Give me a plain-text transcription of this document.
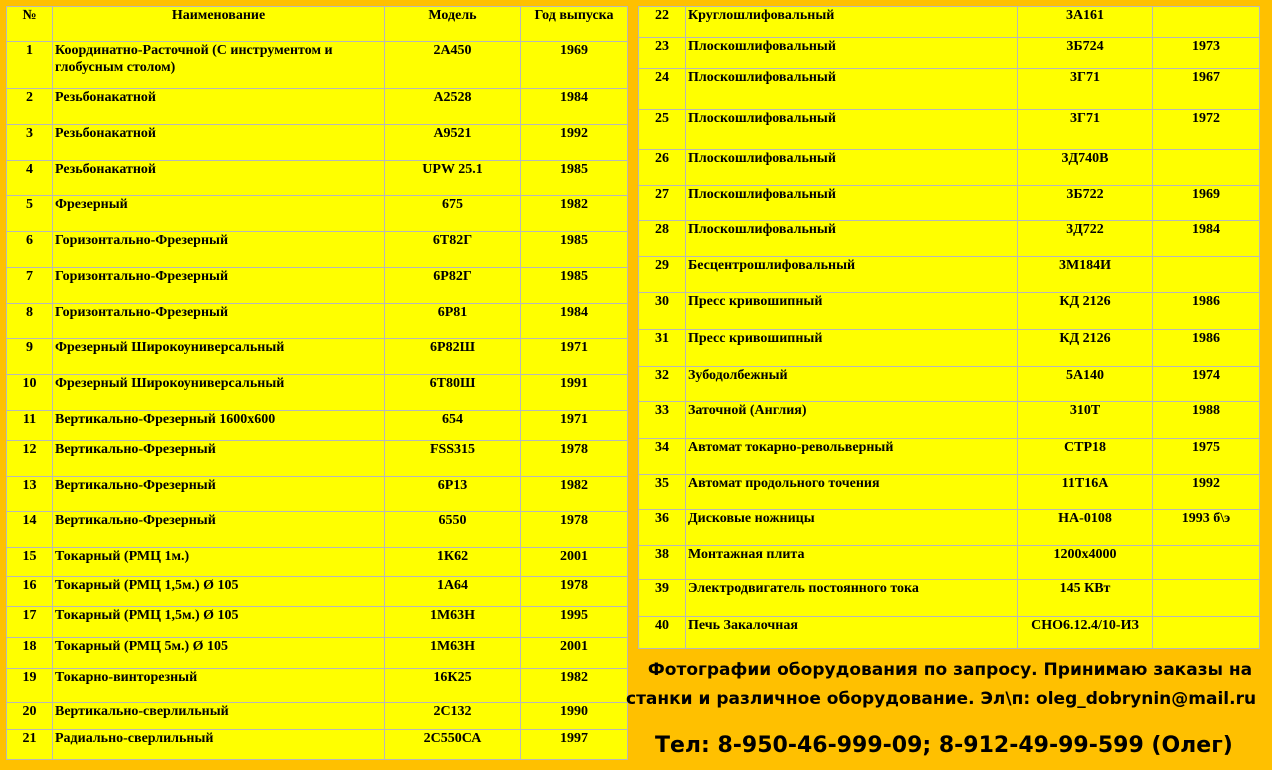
№	Наименование	Модель	Год выпуска
1	Координатно-Расточной (С инструментом и глобусным столом)	2А450	1969
2	Резьбонакатной	А2528	1984
3	Резьбонакатной	А9521	1992
4	Резьбонакатной	UPW 25.1	1985
5	Фрезерный	675	1982
6	Горизонтально-Фрезерный	6Т82Г	1985
7	Горизонтально-Фрезерный	6Р82Г	1985
8	Горизонтально-Фрезерный	6Р81	1984
9	Фрезерный Широкоуниверсальный	6Р82Ш	1971
10	Фрезерный Широкоуниверсальный	6Т80Ш	1991
11	Вертикально-Фрезерный 1600х600	654	1971
12	Вертикально-Фрезерный	FSS315	1978
13	Вертикально-Фрезерный	6Р13	1982
14	Вертикально-Фрезерный	6550	1978
15	Токарный (РМЦ 1м.)	1К62	2001
16	Токарный (РМЦ 1,5м.) Ø 105	1А64	1978
17	Токарный (РМЦ 1,5м.) Ø 105	1М63Н	1995
18	Токарный (РМЦ 5м.) Ø 105	1М63Н	2001
19	Токарно-винторезный	16К25	1982
20	Вертикально-сверлильный	2С132	1990
21	Радиально-сверлильный	2С550СА	1997
22	Круглошлифовальный	3А161	
23	Плоскошлифовальный	3Б724	1973
24	Плоскошлифовальный	3Г71	1967
25	Плоскошлифовальный	3Г71	1972
26	Плоскошлифовальный	3Д740В	
27	Плоскошлифовальный	3Б722	1969
28	Плоскошлифовальный	3Д722	1984
29	Бесцентрошлифовальный	3М184И	
30	Пресс кривошипный	КД 2126	1986
31	Пресс кривошипный	КД 2126	1986
32	Зубодолбежный	5А140	1974
33	Заточной (Англия)	310Т	1988
34	Автомат токарно-револьверный	СТР18	1975
35	Автомат продольного точения	11Т16А	1992
36	Дисковые ножницы	НА-0108	1993 б\э
38	Монтажная плита	1200х4000	
39	Электродвигатель постоянного тока	145 КВт	
40	Печь Закалочная	СНО6.12.4/10-ИЗ	
Фотографии оборудования по запросу. Принимаю заказы на
станки и различное оборудование. Эл\п: oleg_dobrynin@mail.ru
Тел: 8-950-46-999-09; 8-912-49-99-599 (Олег)
